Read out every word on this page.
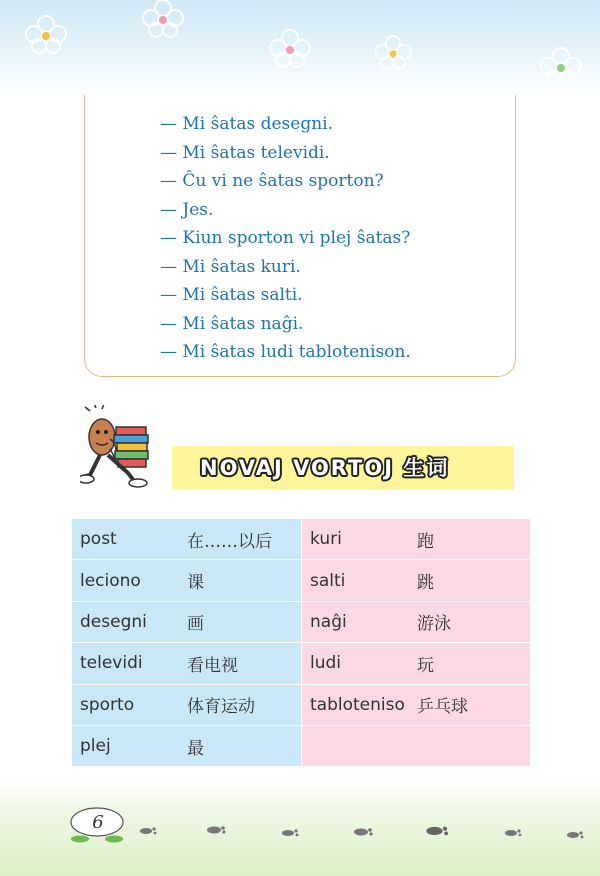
— Mi ŝatas desegni.
— Mi ŝatas televidi.
— Ĉu vi ne ŝatas sporton?
— Jes.
— Kiun sporton vi plej ŝatas?
— Mi ŝatas kuri.
— Mi ŝatas salti.
— Mi ŝatas naĝi.
— Mi ŝatas ludi tablotenison.
NOVAJ VORTOJ 生词
post	在……以后	kuri	跑
leciono	课	salti	跳
desegni	画	naĝi	游泳
televidi	看电视	ludi	玩
sporto	体育运动	tabloteniso 乒乓球
plej	最
6
